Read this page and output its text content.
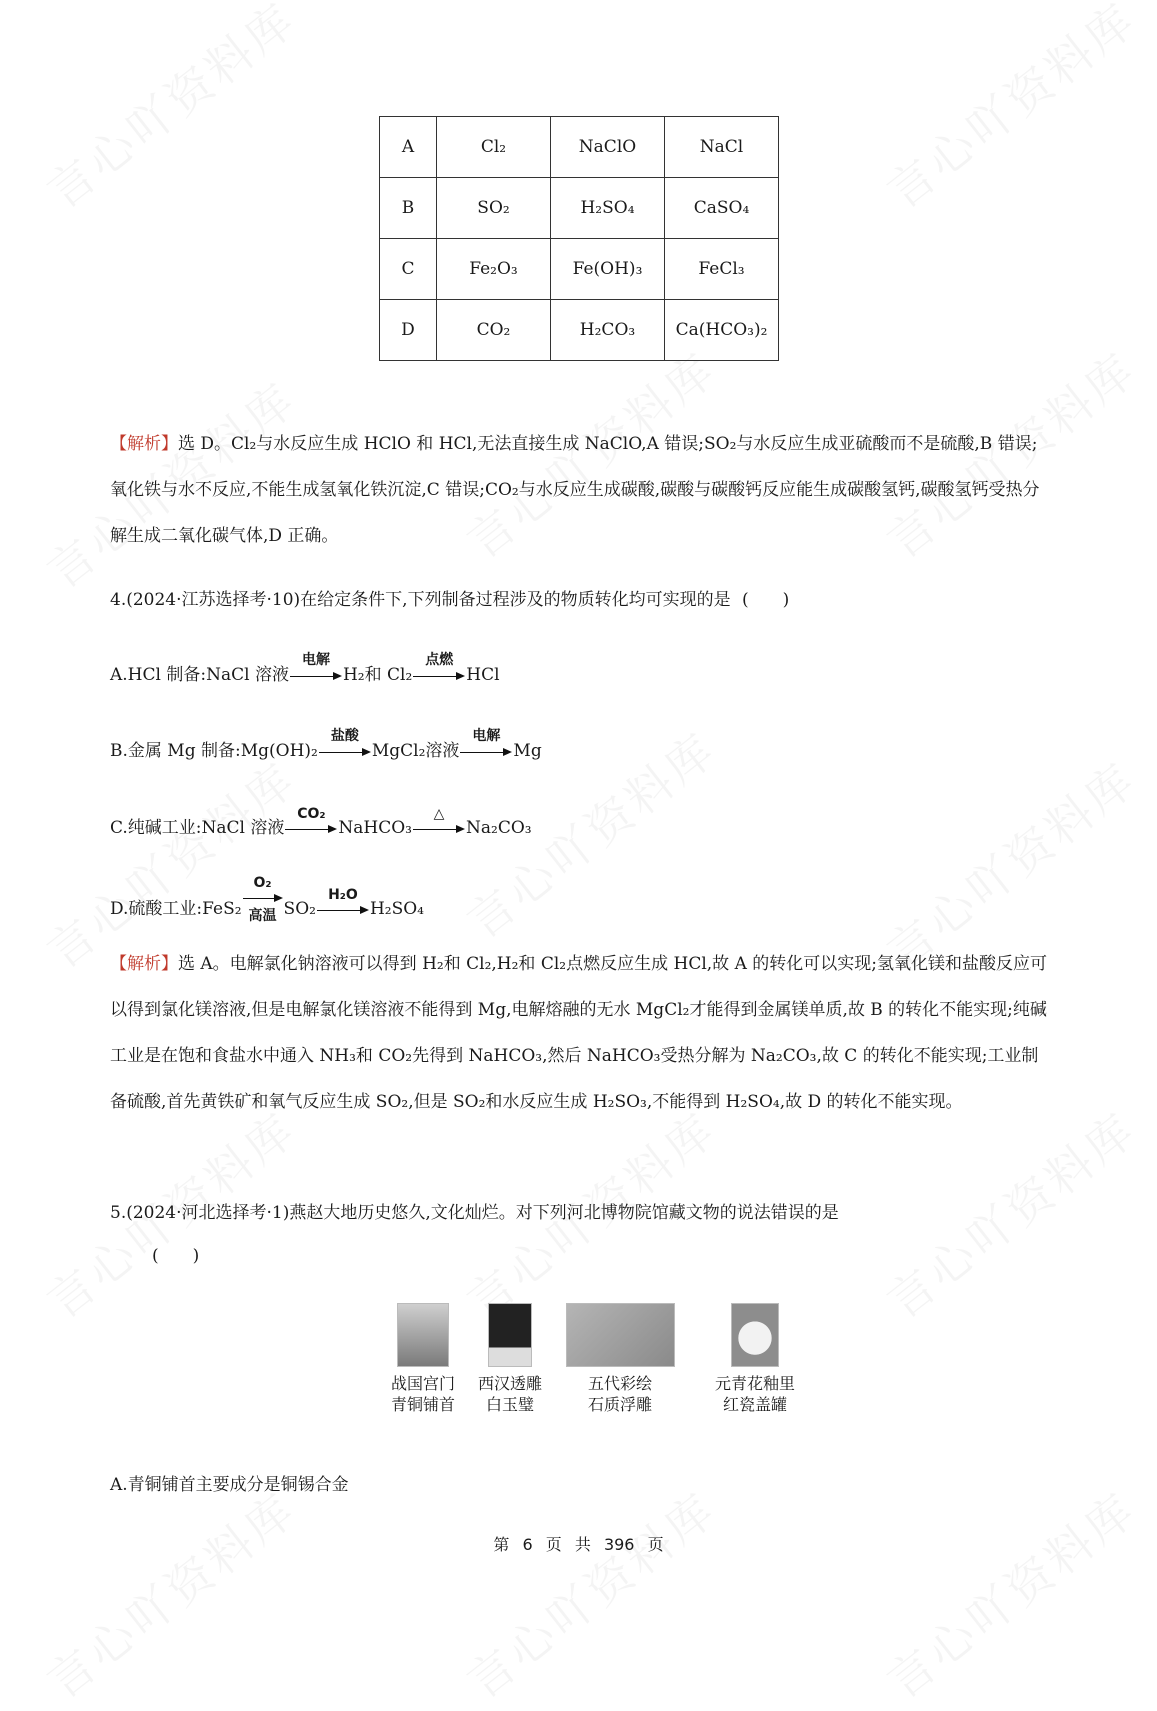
A	Cl₂	NaClO	NaCl
B	SO₂	H₂SO₄	CaSO₄
C	Fe₂O₃	Fe(OH)₃	FeCl₃
D	CO₂	H₂CO₃	Ca(HCO₃)₂

【解析】选 D。Cl₂与水反应生成 HClO 和 HCl,无法直接生成 NaClO,A 错误;SO₂与水反应生成亚硫酸而不是硫酸,B 错误;氧化铁与水不反应,不能生成氢氧化铁沉淀,C 错误;CO₂与水反应生成碳酸,碳酸与碳酸钙反应能生成碳酸氢钙,碳酸氢钙受热分解生成二氧化碳气体,D 正确。

4.(2024·江苏选择考·10)在给定条件下,下列制备过程涉及的物质转化均可实现的是 (　　)
A.HCl 制备:NaCl 溶液
电解
H₂和 Cl₂
点燃
HCl
B.金属 Mg 制备:Mg(OH)₂
盐酸
MgCl₂溶液
电解
Mg
C.纯碱工业:NaCl 溶液
CO₂
NaHCO₃
△
Na₂CO₃
D.硫酸工业:FeS₂
O₂
高温 SO₂
H₂O
H₂SO₄

【解析】选 A。电解氯化钠溶液可以得到 H₂和 Cl₂,H₂和 Cl₂点燃反应生成 HCl,故 A 的转化可以实现;氢氧化镁和盐酸反应可以得到氯化镁溶液,但是电解氯化镁溶液不能得到 Mg,电解熔融的无水 MgCl₂才能得到金属镁单质,故 B 的转化不能实现;纯碱工业是在饱和食盐水中通入 NH₃和 CO₂先得到 NaHCO₃,然后 NaHCO₃受热分解为 Na₂CO₃,故 C 的转化不能实现;工业制备硫酸,首先黄铁矿和氧气反应生成 SO₂,但是 SO₂和水反应生成 H₂SO₃,不能得到 H₂SO₄,故 D 的转化不能实现。

5.(2024·河北选择考·1)燕赵大地历史悠久,文化灿烂。对下列河北博物院馆藏文物的说法错误的是
(　　)
战国宫门
青铜铺首
西汉透雕
白玉璧
五代彩绘
石质浮雕
元青花釉里
红瓷盖罐
A.青铜铺首主要成分是铜锡合金
第 6 页 共 396 页
